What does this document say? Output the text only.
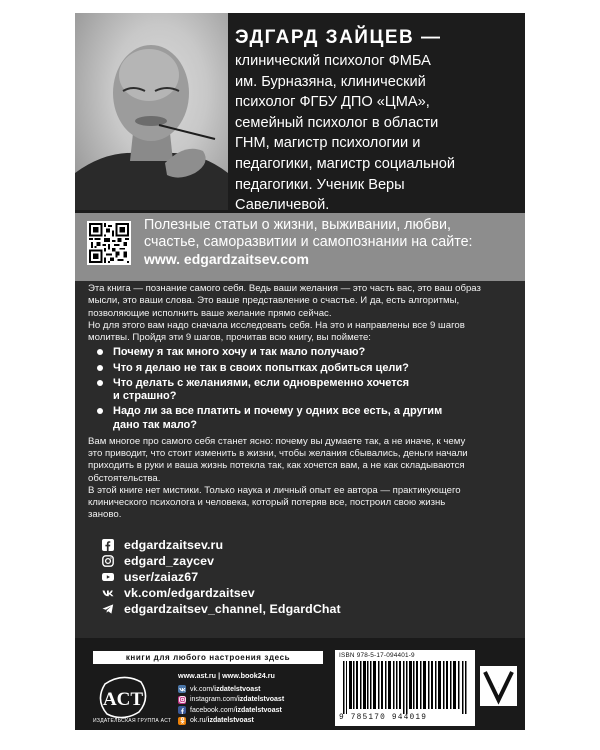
ЭДГАРД ЗАЙЦЕВ —
клинический психолог ФМБА
им. Бурназяна, клинический
психолог ФГБУ ДПО «ЦМА»,
семейный психолог в области
ГНМ, магистр психологии и
педагогики, магистр социальной
педагогики. Ученик Веры
Савеличевой.
Полезные статьи о жизни, выживании, любви,
счастье, саморазвитии и самопознании на сайте:
www. edgardzaitsev.com

Эта книга — познание самого себя. Ведь ваши желания — это часть вас, это ваш образ

мысли, это ваши слова. Это ваше представление о счастье. И да, есть алгоритмы,

позволяющие исполнить ваше желание прямо сейчас.

Но для этого вам надо сначала исследовать себя. На это и направлены все 9 шагов

молитвы. Пройдя эти 9 шагов, прочитав всю книгу, вы поймете:

Почему я так много хочу и так мало получаю?
Что я делаю не так в своих попытках добиться цели?
Что делать с желаниями, если одновременно хочется
и страшно?
Надо ли за все платить и почему у одних все есть, а другим
дано так мало?

Вам многое про самого себя станет ясно: почему вы думаете так, а не иначе, к чему

это приводит, что стоит изменить в жизни, чтобы желания сбывались, деньги начали

приходить в руки и ваша жизнь потекла так, как хочется вам, а не как складываются

обстоятельства.

В этой книге нет мистики. Только наука и личный опыт ее автора — практикующего

клинического психолога и человека, который потеряв все, построил свою жизнь

заново.

edgardzaitsev.ru
edgard_zaycev
user/zaiaz67
vk.com/edgardzaitsev
edgardzaitsev_channel, EdgardChat
книги для любого настроения здесь
ACT
ИЗДАТЕЛЬСКАЯ ГРУППА АСТ
www.ast.ru | www.book24.ru
vk.com/izdatelstvoast
instagram.com/izdatelstvoast
facebook.com/izdatelstvoast
ok.ru/izdatelstvoast
ISBN 978-5-17-094401-9
9 785170 944019
V
